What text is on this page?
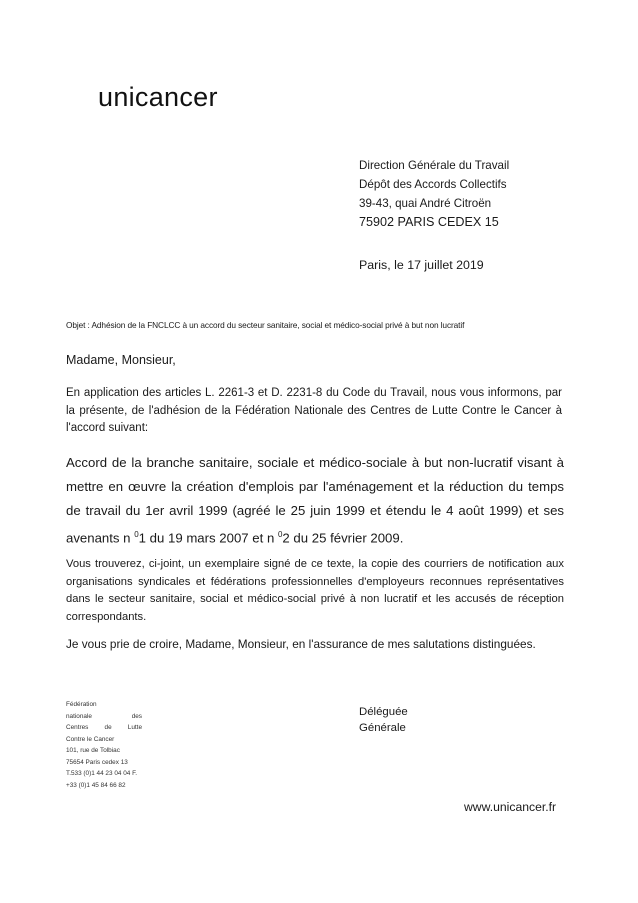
unicancer
Direction Générale du Travail
Dépôt des Accords Collectifs
39-43, quai André Citroën
75902 PARIS CEDEX 15
Paris, le 17 juillet 2019
Objet : Adhésion de la FNCLCC à un accord du secteur sanitaire, social et médico-social privé à but non lucratif
Madame, Monsieur,
En application des articles L. 2261-3 et D. 2231-8 du Code du Travail, nous vous informons, par la présente, de l'adhésion de la Fédération Nationale des Centres de Lutte Contre le Cancer à l'accord suivant:
Accord de la branche sanitaire, sociale et médico-sociale à but non-lucratif visant à mettre en œuvre la création d'emplois par l'aménagement et la réduction du temps de travail du 1er avril 1999 (agréé le 25 juin 1999 et étendu le 4 août 1999) et ses avenants n $^0$1 du 19 mars 2007 et n $^0$2 du 25 février 2009.
Vous trouverez, ci-joint, un exemplaire signé de ce texte, la copie des courriers de notification aux organisations syndicales et fédérations professionnelles d'employeurs reconnues représentatives dans le secteur sanitaire, social et médico-social privé à non lucratif et les accusés de réception correspondants.
Je vous prie de croire, Madame, Monsieur, en l'assurance de mes salutations distinguées.
Fédération
nationale	des
Centres	de	Lutte
Contre le Cancer
101, rue de Tolbiac
75654 Paris cedex 13
T.533 (0)1 44 23 04 04 F.
+33 (0)1 45 84 66 82
Déléguée
Générale
www.unicancer.fr
